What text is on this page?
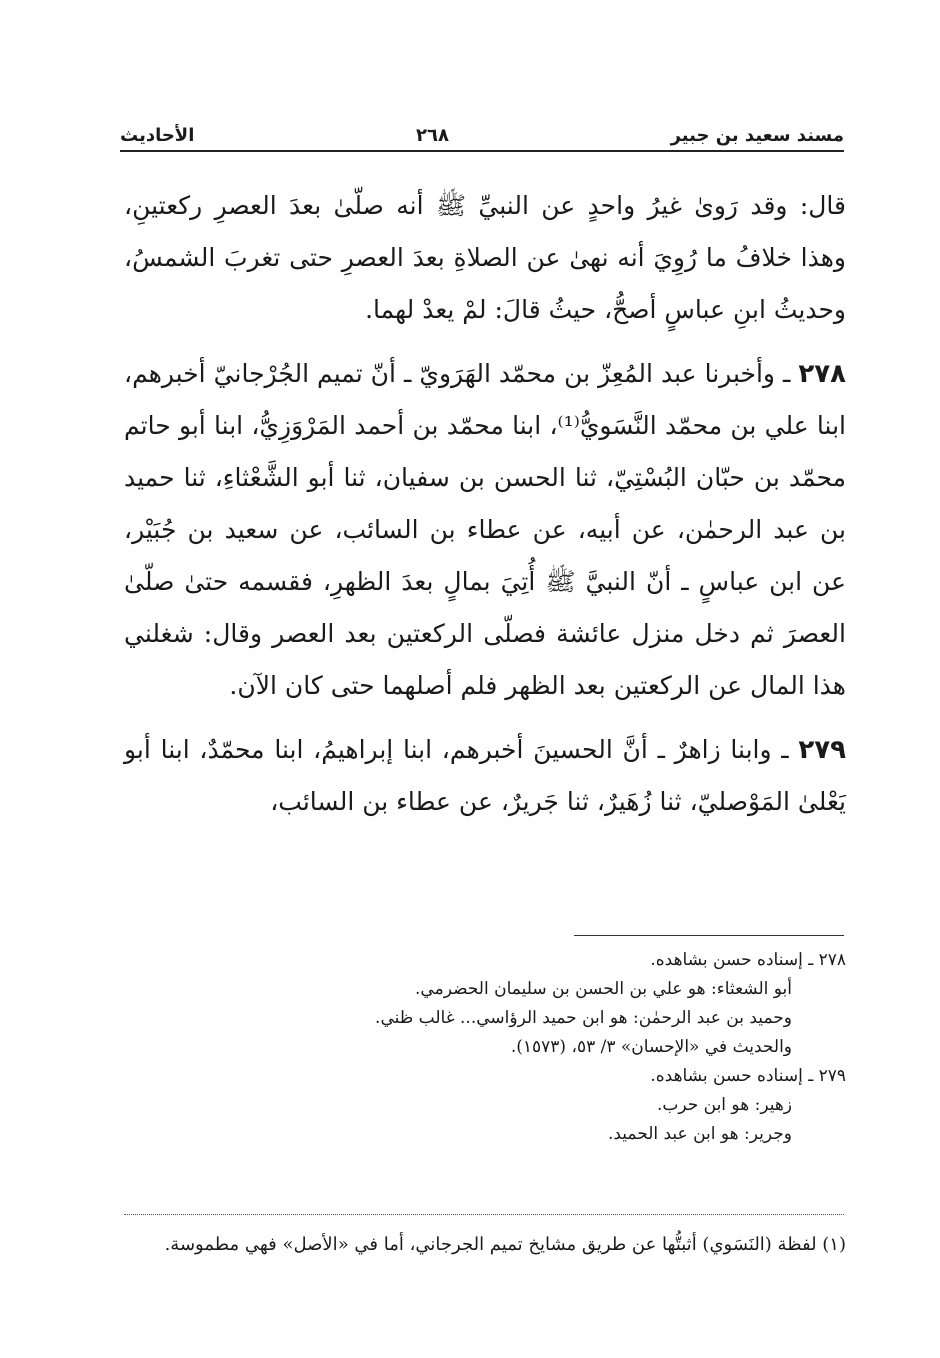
مسند سعيد بن جبير
٢٦٨
الأحاديث

قال: وقد رَوىٰ غيرُ واحدٍ عن النبيِّ ﷺ أنه صلّىٰ بعدَ العصرِ ركعتينِ، وهذا خلافُ ما رُوِيَ أنه نهىٰ عن الصلاةِ بعدَ العصرِ حتى تغربَ الشمسُ، وحديثُ ابنِ عباسٍ أصحُّ، حيثُ قالَ: لمْ يعدْ لهما.

٢٧٨ ـ وأخبرنا عبد المُعِزّ بن محمّد الهَرَويّ ـ أنّ تميم الجُرْجانيّ أخبرهم، ابنا علي بن محمّد النَّسَويُّ⁽¹⁾، ابنا محمّد بن أحمد المَرْوَزِيُّ، ابنا أبو حاتم محمّد بن حبّان البُسْتِيّ، ثنا الحسن بن سفيان، ثنا أبو الشَّعْثاءِ، ثنا حميد بن عبد الرحمٰن، عن أبيه، عن عطاء بن السائب، عن سعيد بن جُبَيْر، عن ابن عباسٍ ـ أنّ النبيَّ ﷺ أُتِيَ بمالٍ بعدَ الظهرِ، فقسمه حتىٰ صلّىٰ العصرَ ثم دخل منزل عائشة فصلّى الركعتين بعد العصر وقال: شغلني هذا المال عن الركعتين بعد الظهر فلم أصلهما حتى كان الآن.

٢٧٩ ـ وابنا زاهرٌ ـ أنَّ الحسينَ أخبرهم، ابنا إبراهيمُ، ابنا محمّدٌ، ابنا أبو يَعْلىٰ المَوْصليّ، ثنا زُهَيرٌ، ثنا جَريرٌ، عن عطاء بن السائب،

٢٧٨ ـ إسناده حسن بشاهده.

أبو الشعثاء: هو علي بن الحسن بن سليمان الحضرمي.

وحميد بن عبد الرحمٰن: هو ابن حميد الرؤاسي... غالب ظني.

والحديث في «الإحسان» ٣/ ٥٣، (١٥٧٣).

٢٧٩ ـ إسناده حسن بشاهده.

زهير: هو ابن حرب.

وجرير: هو ابن عبد الحميد.

(١) لفظة (النَسَوي) أثبتُّها عن طريق مشايخ تميم الجرجاني، أما في «الأصل» فهي مطموسة.
